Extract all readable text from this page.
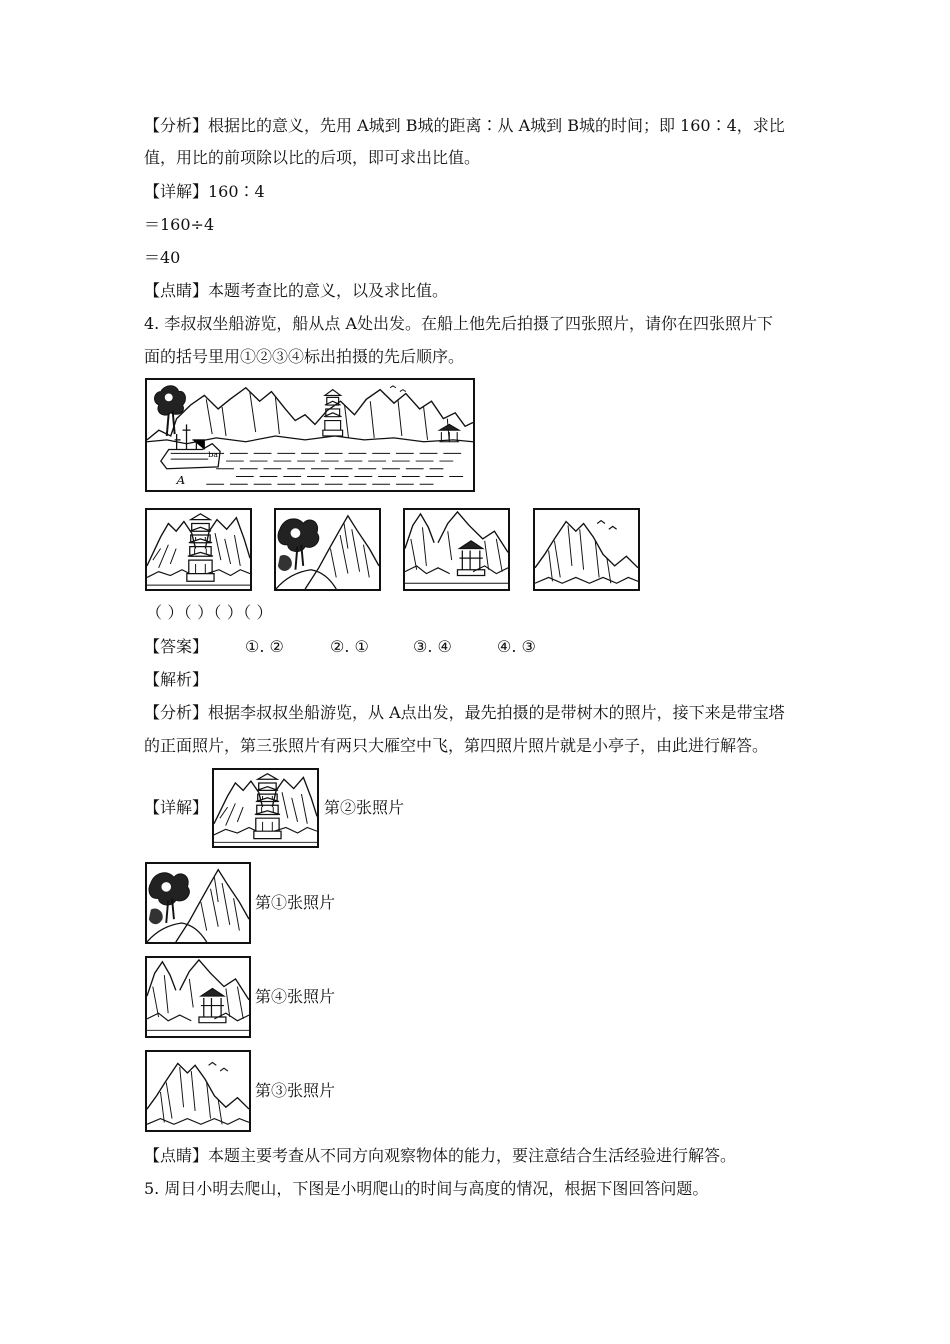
【分析】根据比的意义，先用 A城到 B城的距离∶从 A城到 B城的时间；即 160∶4，求比
值，用比的前项除以比的后项，即可求出比值。
【详解】160∶4
＝160÷4
＝40
【点睛】本题考查比的意义，以及求比值。
4. 李叔叔坐船游览，船从点 A处出发。在船上他先后拍摄了四张照片，请你在四张照片下
面的括号里用①②③④标出拍摄的先后顺序。
ba
A
（ ）（ ）（ ）（ ）
【答案】 ①. ②	②. ①	③. ④	④. ③
【解析】
【分析】根据李叔叔坐船游览，从 A点出发，最先拍摄的是带树木的照片，接下来是带宝塔
的正面照片，第三张照片有两只大雁空中飞，第四照片照片就是小亭子，由此进行解答。
【详解】	第②张照片
第①张照片
第④张照片
第③张照片
【点睛】本题主要考查从不同方向观察物体的能力，要注意结合生活经验进行解答。
5. 周日小明去爬山，下图是小明爬山的时间与高度的情况，根据下图回答问题。
